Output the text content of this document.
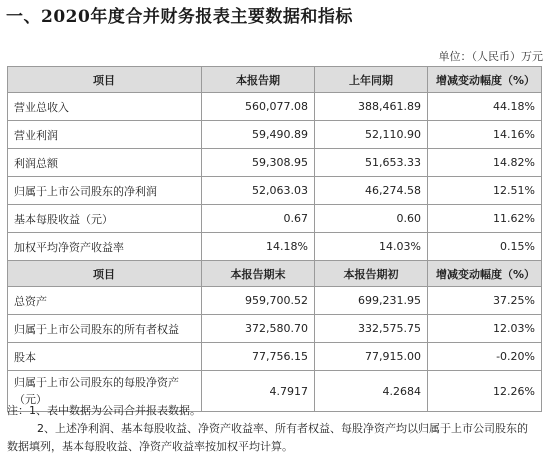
一、2020年度合并财务报表主要数据和指标
单位：（人民币）万元
项目	本报告期	上年同期	增减变动幅度（%）
营业总收入	560,077.08	388,461.89	44.18%
营业利润	59,490.89	52,110.90	14.16%
利润总额	59,308.95	51,653.33	14.82%
归属于上市公司股东的净利润	52,063.03	46,274.58	12.51%
基本每股收益（元）	0.67	0.60	11.62%
加权平均净资产收益率	14.18%	14.03%	0.15%
项目	本报告期末	本报告期初	增减变动幅度（%）
总资产	959,700.52	699,231.95	37.25%
归属于上市公司股东的所有者权益	372,580.70	332,575.75	12.03%
股本	77,756.15	77,915.00	-0.20%
归属于上市公司股东的每股净资产（元）	4.7917	4.2684	12.26%

注：1、表中数据为公司合并报表数据。

2、上述净利润、基本每股收益、净资产收益率、所有者权益、每股净资产均以归属于上市公司股东的

数据填列，基本每股收益、净资产收益率按加权平均计算。
